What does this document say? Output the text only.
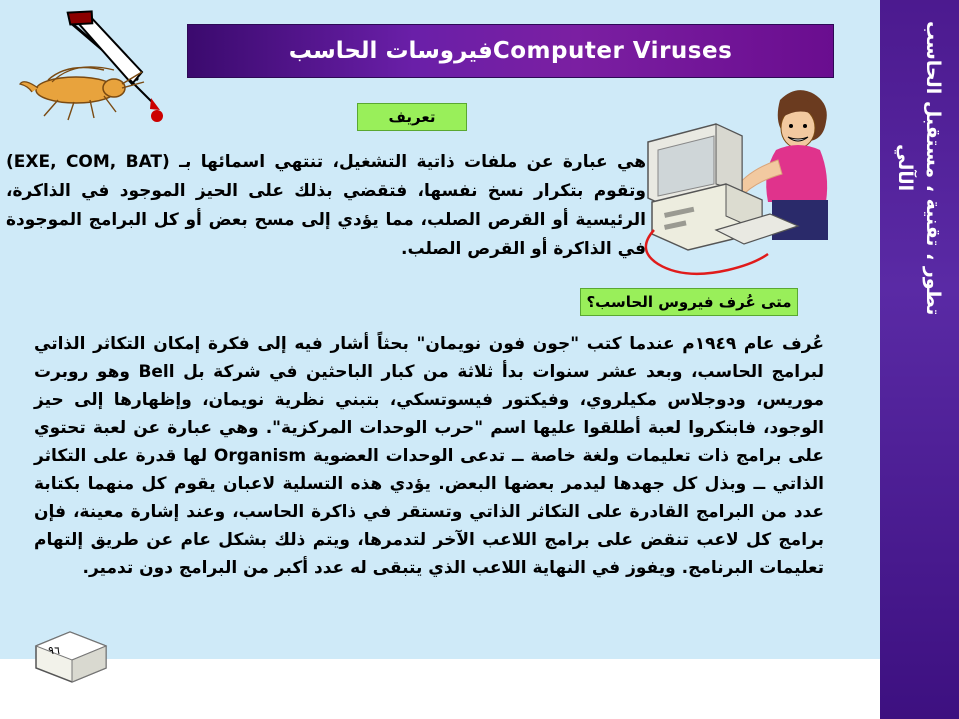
تطور ، تقنية ، مستقبل الحاسب الآلي
Computer Virusesفيروسات الحاسب
تعريف
هي عبارة عن ملفات ذاتية التشغيل، تنتهي اسمائها بـ (EXE, COM, BAT) وتقوم بتكرار نسخ نفسها، فتقضي بذلك على الحيز الموجود في الذاكرة، الرئيسية أو القرص الصلب، مما يؤدي إلى مسح بعض أو كل البرامج الموجودة في الذاكرة أو القرص الصلب.
متى عُرف فيروس الحاسب؟
عُرف عام ١٩٤٩م عندما كتب "جون فون نويمان" بحثاً أشار فيه إلى فكرة إمكان التكاثر الذاتي لبرامج الحاسب، وبعد عشر سنوات بدأ ثلاثة من كبار الباحثين في شركة بل Bell وهو روبرت موريس، ودوجلاس مكيلروي، وفيكتور فيسوتسكي، بتبني نظرية نويمان، وإظهارها إلى حيز الوجود، فابتكروا لعبة أطلقوا عليها اسم "حرب الوحدات المركزية". وهي عبارة عن لعبة تحتوي على برامج ذات تعليمات ولغة خاصة ــ تدعى الوحدات العضوية Organism لها قدرة على التكاثر الذاتي ــ وبذل كل جهدها ليدمر بعضها البعض. يؤدي هذه التسلية لاعبان يقوم كل منهما بكتابة عدد من البرامج القادرة على التكاثر الذاتي وتستقر في ذاكرة الحاسب، وعند إشارة معينة، فإن برامج كل لاعب تنقض على برامج اللاعب الآخر لتدمرها، ويتم ذلك بشكل عام عن طريق إلتهام تعليمات البرنامج. ويفوز في النهاية اللاعب الذي يتبقى له عدد أكبر من البرامج دون تدمير.
٩٦
